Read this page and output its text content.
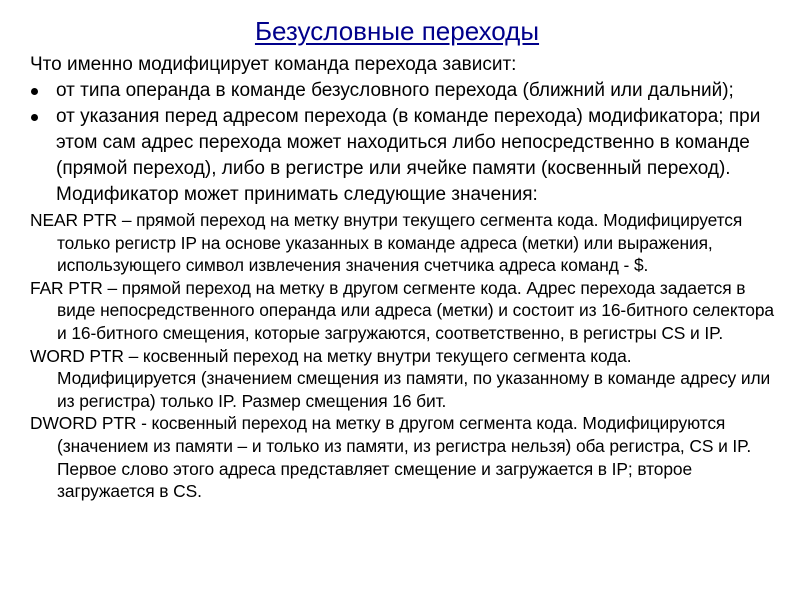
Безусловные переходы

Что именно модифицирует команда перехода зависит:

от типа операнда в команде безусловного перехода (ближний или дальний);
от указания перед адресом перехода (в команде перехода) модификатора; при этом сам адрес перехода может находиться либо непосредственно в команде (прямой переход), либо в регистре или ячейке памяти (косвенный переход). Модификатор может принимать следующие значения:
NEAR PTR – прямой переход на метку внутри текущего сегмента кода. Модифицируется только регистр IP на основе указанных в команде адреса (метки) или выражения, использующего символ извлечения значения счетчика адреса команд - $.
FAR PTR – прямой переход на метку в другом сегменте кода. Адрес перехода задается в виде непосредственного операнда или адреса (метки) и состоит из 16-битного селектора и 16-битного смещения, которые загружаются, соответственно, в регистры CS и IP.
WORD PTR – косвенный переход на метку внутри текущего сегмента кода. Модифицируется (значением смещения из памяти, по указанному в команде адресу или из регистра) только IP. Размер смещения 16 бит.
DWORD PTR - косвенный переход на метку в другом сегмента кода. Модифицируются (значением из памяти – и только из памяти, из регистра нельзя) оба регистра, CS и IP. Первое слово этого адреса представляет смещение и загружается в IP; второе загружается в CS.
